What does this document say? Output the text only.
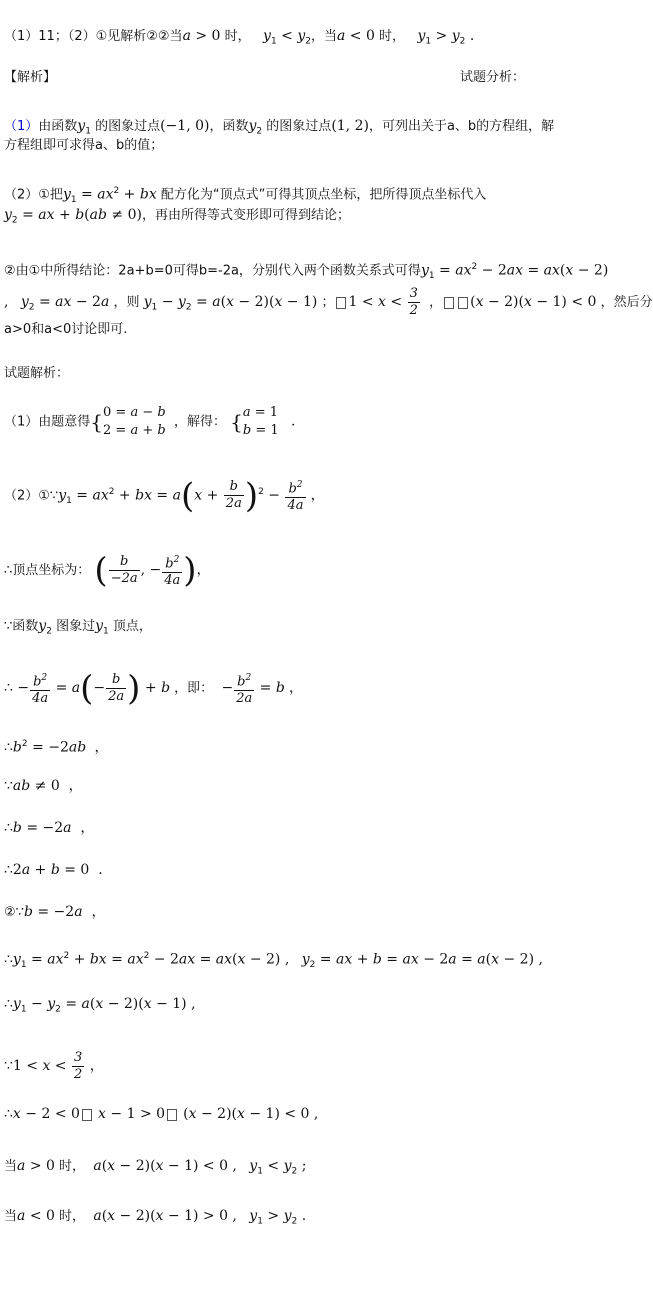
（1）11；（2）①见解析②②当a > 0 时， $y_1 < y_2$，当a < 0 时， $y_1 > y_2$ .
【解析】	试题分析：
（1）由函数$y_1$ 的图象过点(−1, 0)，函数$y_2$ 的图象过点(1, 2)，可列出关于a、b的方程组，解
方程组即可求得a、b的值；
（2）①把$y_1 = ax^2$ + bx 配方化为“顶点式”可得其顶点坐标，把所得顶点坐标代入
$y_2$ = ax + b(ab ≠ 0)，再由所得等式变形即可得到结论；
②由①中所得结论：2a+b=0可得b=-2a，分别代入两个函数关系式可得$y_1 = ax^2 - 2ax = ax(x - 2)$
, $y_2$ = ax − 2a ，则 $y_1 - y_2 = a(x - 2)(x - 1)$ ； $1 < x < \frac{3}{2}$ ， (x − 2)(x − 1) < 0 ，然后分
a>0和a<0讨论即可.
试题解析：
（1）由题意得{ 0 = a − b
2 = a + b
，解得： { a = 1
b = 1
.
$(2)①\because y_1 = ax^2$ + bx = $a(x + \frac{b}{2a} )^2 - \frac{b^2}{4a}$ ，
∴顶点坐标为： ( $\frac{b}{-2a}$ , − $\frac{b^2}{4a}$ )，
∵函数$y_2$ 图象过$y_1$ 顶点，
∴ − $\frac{b^2}{4a} = a(- \frac{b}{2a}$ ) + b ，即： − $\frac{b^2}{2a} = b$ ，
$\therefore b^2 = -2ab$ ，
∵ab ≠ 0  ，
∴b = −2a  ，
∴2a + b = 0  .
②∵b = −2a  ，
$\therefore y_1 = ax^2$ + bx = $ax^2 - 2ax = ax(x - 2)$ , $y_2$ = ax + b = ax − 2a = a(x − 2) ,
$\therefore y_1 - y_2 = a(x - 2)(x - 1)$ ,
∵1 < $x < \frac{3}{2}$ ，
∴x − 2 < 0 x − 1 > 0 (x − 2)(x − 1) < 0 ,
当a > 0 时， a(x − 2)(x − 1) < 0 , $y_1 < y_2$ ;
当a < 0 时， a(x − 2)(x − 1) > 0 , $y_1 > y_2$ .
